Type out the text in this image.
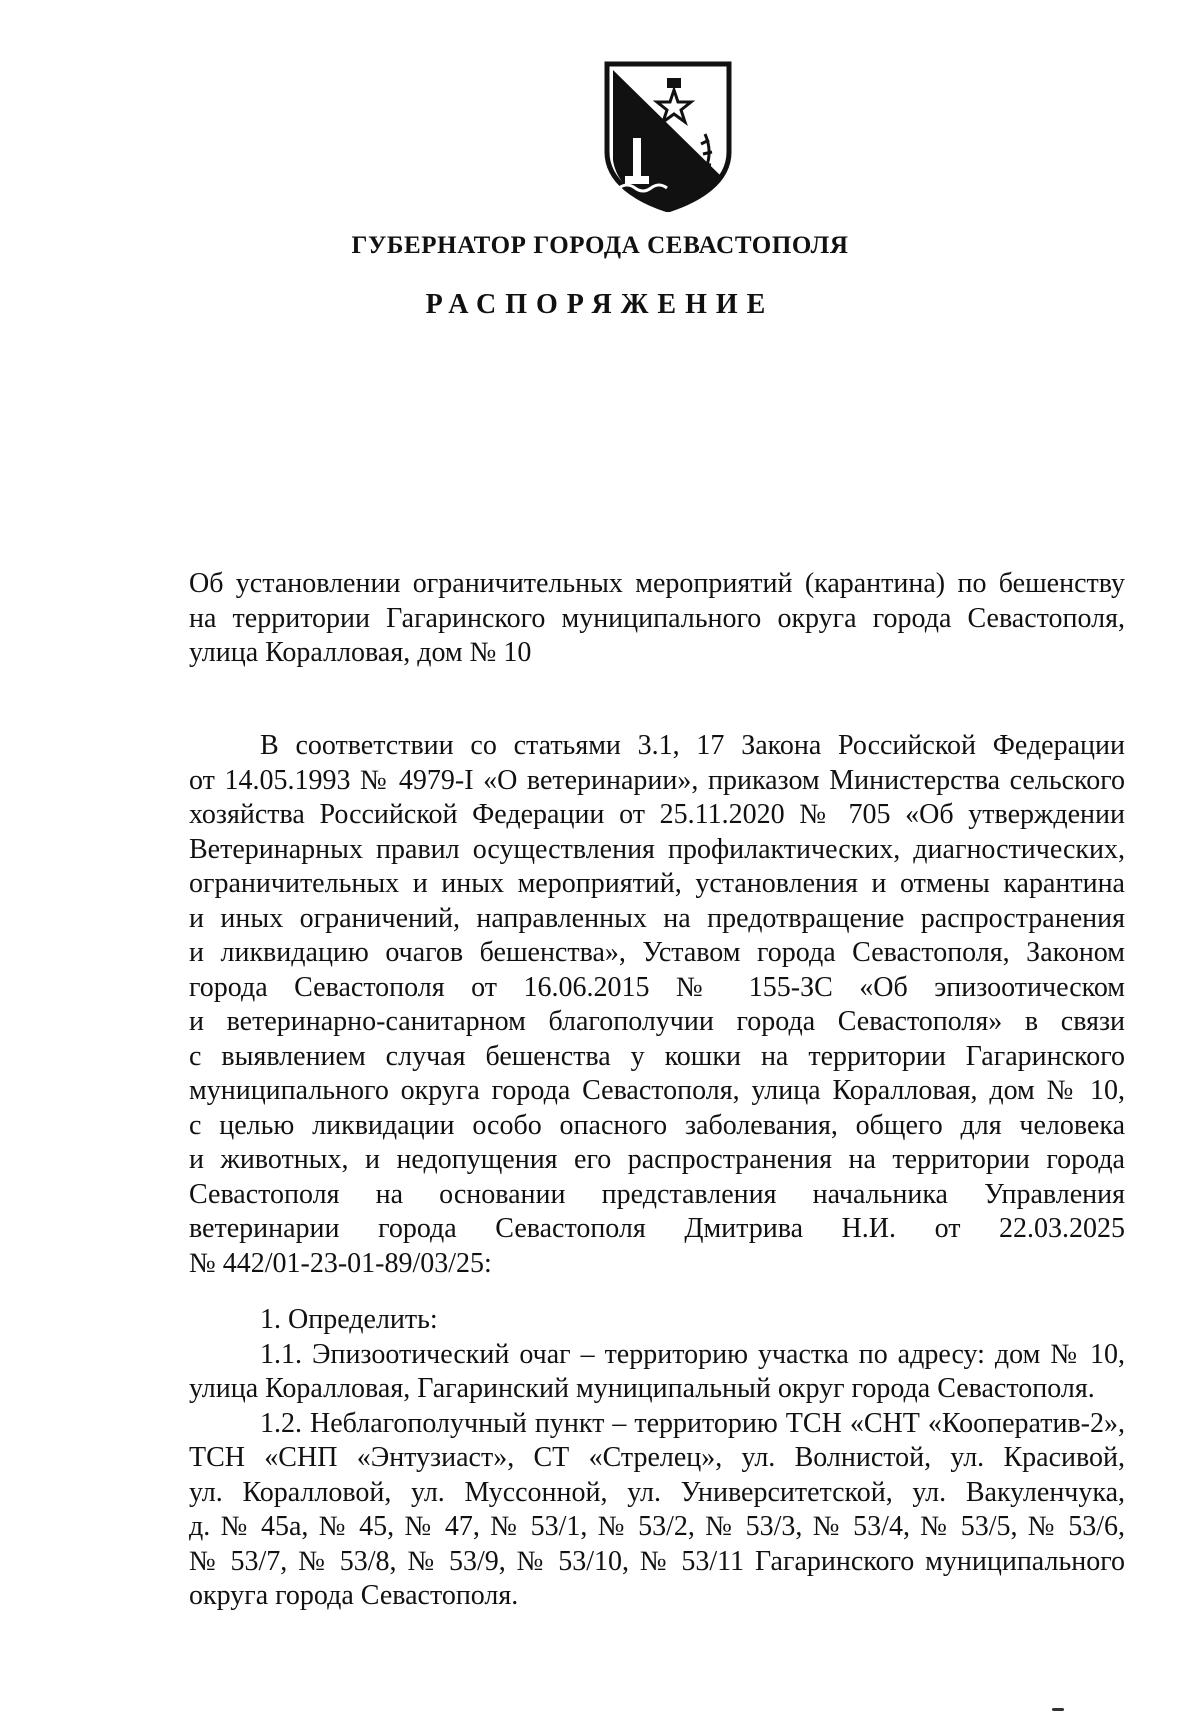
ГУБЕРНАТОР ГОРОДА СЕВАСТОПОЛЯ
РАСПОРЯЖЕНИЕ
Об установлении ограничительных мероприятий (карантина) по бешенству
на территории Гагаринского муниципального округа города Севастополя,
улица Коралловая, дом № 10
В соответствии со статьями 3.1, 17 Закона Российской Федерации
от 14.05.1993 № 4979-I «О ветеринарии», приказом Министерства сельского
хозяйства Российской Федерации от 25.11.2020 № 705 «Об утверждении
Ветеринарных правил осуществления профилактических, диагностических,
ограничительных и иных мероприятий, установления и отмены карантина
и иных ограничений, направленных на предотвращение распространения
и ликвидацию очагов бешенства», Уставом города Севастополя, Законом
города Севастополя от 16.06.2015 № 155-ЗС «Об эпизоотическом
и ветеринарно-санитарном благополучии города Севастополя» в связи
с выявлением случая бешенства у кошки на территории Гагаринского
муниципального округа города Севастополя, улица Коралловая, дом № 10,
с целью ликвидации особо опасного заболевания, общего для человека
и животных, и недопущения его распространения на территории города
Севастополя на основании представления начальника Управления
ветеринарии города Севастополя Дмитрива Н.И. от 22.03.2025
№ 442/01-23-01-89/03/25:
1. Определить:
1.1. Эпизоотический очаг – территорию участка по адресу: дом № 10,
улица Коралловая, Гагаринский муниципальный округ города Севастополя.
1.2. Неблагополучный пункт – территорию ТСН «СНТ «Кооператив-2»,
ТСН «СНП «Энтузиаст», СТ «Стрелец», ул. Волнистой, ул. Красивой,
ул. Коралловой, ул. Муссонной, ул. Университетской, ул. Вакуленчука,
д. № 45а, № 45, № 47, № 53/1, № 53/2, № 53/3, № 53/4, № 53/5, № 53/6,
№ 53/7, № 53/8, № 53/9, № 53/10, № 53/11 Гагаринского муниципального
округа города Севастополя.
